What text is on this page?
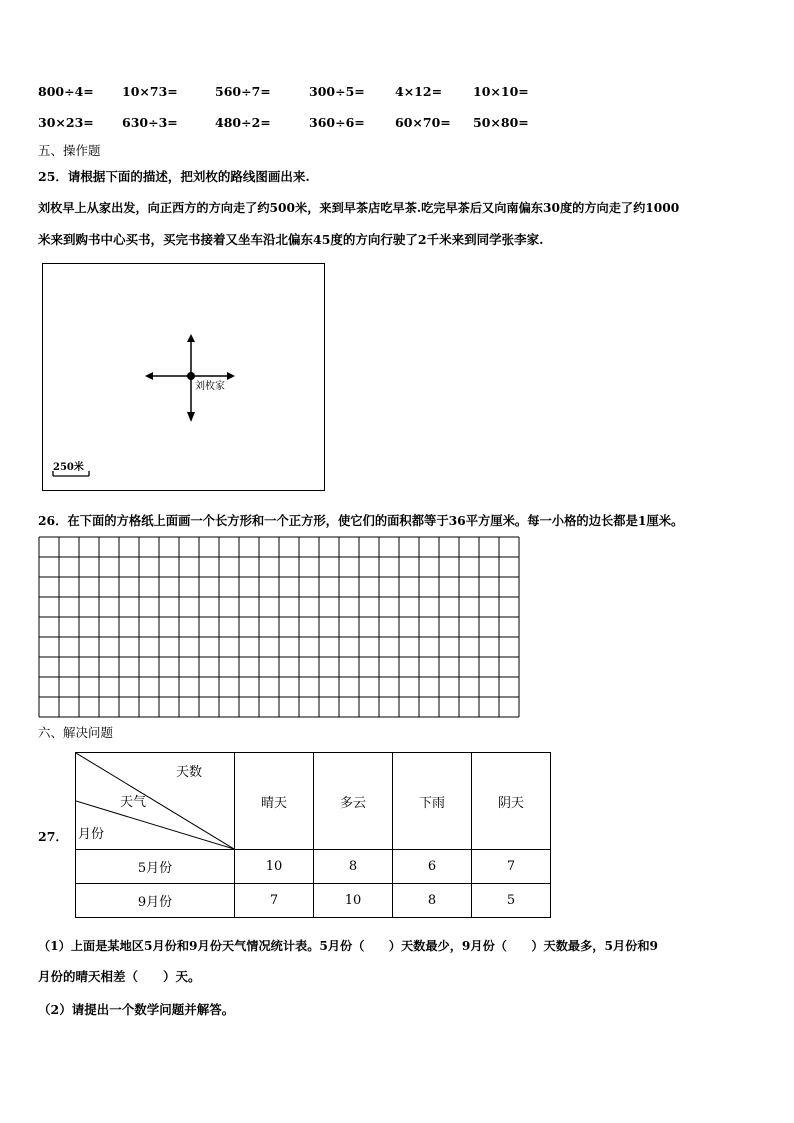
800÷4= 10×73=	560÷7=	300÷5= 4×12= 10×10=
30×23= 630÷3=	480÷2=	360÷6= 60×70= 50×80=
五、操作题
25．请根据下面的描述，把刘枚的路线图画出来.
刘枚早上从家出发，向正西方的方向走了约500米，来到早茶店吃早茶.吃完早茶后又向南偏东30度的方向走了约1000
米来到购书中心买书，买完书接着又坐车沿北偏东45度的方向行驶了2千米来到同学张李家.
刘枚家
250米
26．在下面的方格纸上面画一个长方形和一个正方形，使它们的面积都等于36平方厘米。每一小格的边长都是1厘米。
六、解决问题
27．
天数
天气
月份	晴天	多云	下雨	阴天
5月份	10	8	6	7
9月份	7	10	8	5
（1）上面是某地区5月份和9月份天气情况统计表。5月份（　　）天数最少，9月份（　　）天数最多，5月份和9
月份的晴天相差（　　）天。
（2）请提出一个数学问题并解答。
